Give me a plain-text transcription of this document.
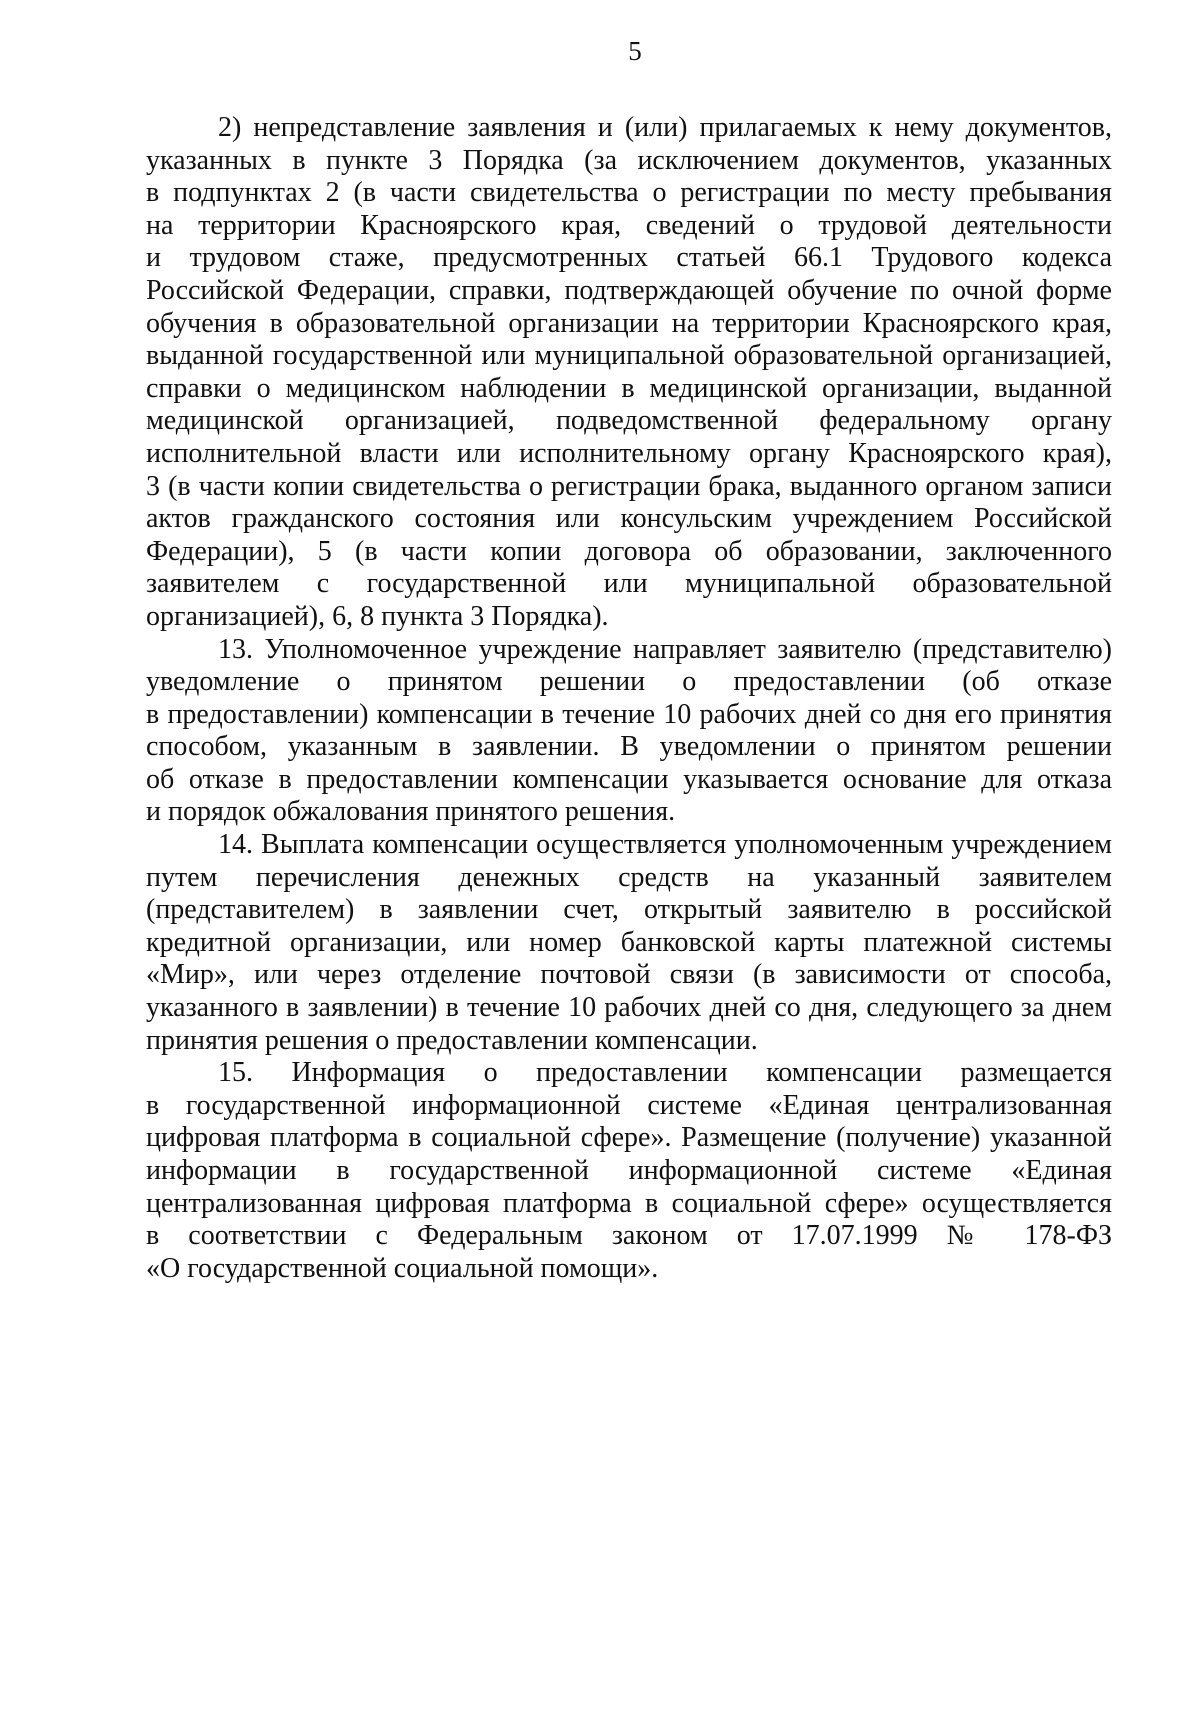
5
2) непредставление заявления и (или) прилагаемых к нему документов,
указанных в пункте 3 Порядка (за исключением документов, указанных
в подпунктах 2 (в части свидетельства о регистрации по месту пребывания
на территории Красноярского края, сведений о трудовой деятельности
и трудовом стаже, предусмотренных статьей 66.1 Трудового кодекса
Российской Федерации, справки, подтверждающей обучение по очной форме
обучения в образовательной организации на территории Красноярского края,
выданной государственной или муниципальной образовательной организацией,
справки о медицинском наблюдении в медицинской организации, выданной
медицинской организацией, подведомственной федеральному органу
исполнительной власти или исполнительному органу Красноярского края),
3 (в части копии свидетельства о регистрации брака, выданного органом записи
актов гражданского состояния или консульским учреждением Российской
Федерации), 5 (в части копии договора об образовании, заключенного
заявителем с государственной или муниципальной образовательной
организацией), 6, 8 пункта 3 Порядка).
13. Уполномоченное учреждение направляет заявителю (представителю)
уведомление о принятом решении о предоставлении (об отказе
в предоставлении) компенсации в течение 10 рабочих дней со дня его принятия
способом, указанным в заявлении. В уведомлении о принятом решении
об отказе в предоставлении компенсации указывается основание для отказа
и порядок обжалования принятого решения.
14. Выплата компенсации осуществляется уполномоченным учреждением
путем перечисления денежных средств на указанный заявителем
(представителем) в заявлении счет, открытый заявителю в российской
кредитной организации, или номер банковской карты платежной системы
«Мир», или через отделение почтовой связи (в зависимости от способа,
указанного в заявлении) в течение 10 рабочих дней со дня, следующего за днем
принятия решения о предоставлении компенсации.
15. Информация о предоставлении компенсации размещается
в государственной информационной системе «Единая централизованная
цифровая платформа в социальной сфере». Размещение (получение) указанной
информации в государственной информационной системе «Единая
централизованная цифровая платформа в социальной сфере» осуществляется
в соответствии с Федеральным законом от 17.07.1999 № 178-ФЗ
«О государственной социальной помощи».
